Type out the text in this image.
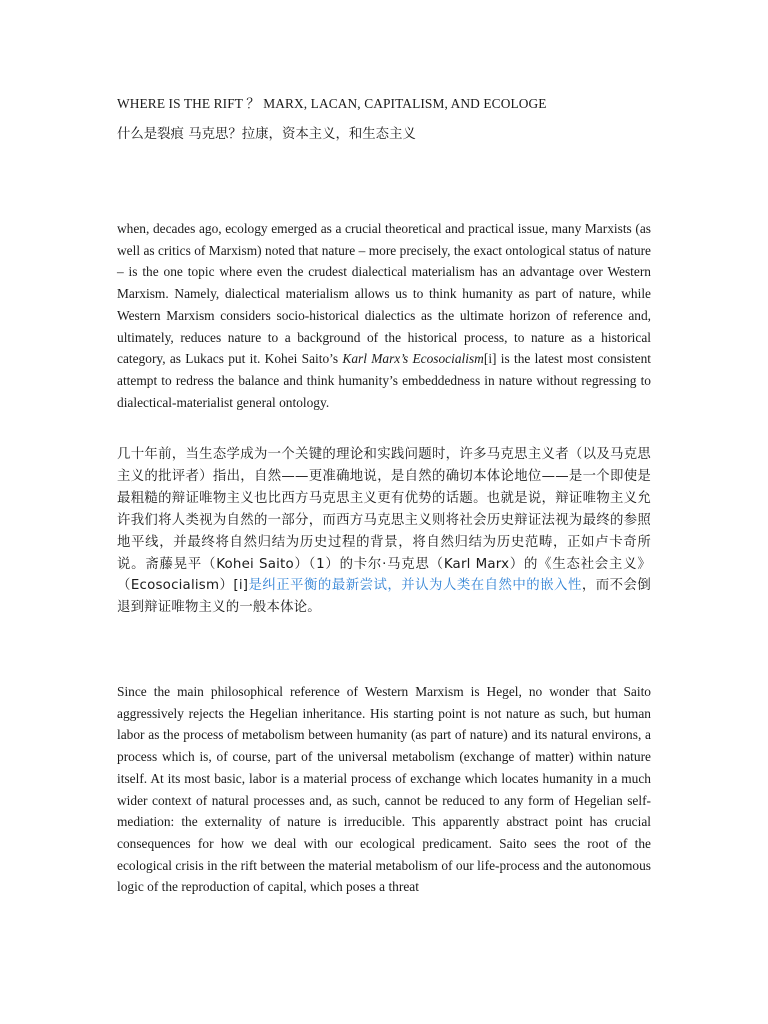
WHERE IS THE RIFT ？ MARX, LACAN, CAPITALISM, AND ECOLOGE
什么是裂痕 马克思？拉康，资本主义，和生态主义

when, decades ago, ecology emerged as a crucial theoretical and practical issue, many Marxists (as well as critics of Marxism) noted that nature – more precisely, the exact ontological status of nature – is the one topic where even the crudest dialectical materialism has an advantage over Western Marxism. Namely, dialectical materialism allows us to think humanity as part of nature, while Western Marxism considers socio-historical dialectics as the ultimate horizon of reference and, ultimately, reduces nature to a background of the historical process, to nature as a historical category, as Lukacs put it. Kohei Saito’s Karl Marx’s Ecosocialism[i] is the latest most consistent attempt to redress the balance and think humanity’s embeddedness in nature without regressing to dialectical-materialist general ontology.

几十年前，当生态学成为一个关键的理论和实践问题时，许多马克思主义者（以及马克思主义的批评者）指出，自然——更准确地说，是自然的确切本体论地位——是一个即使是最粗糙的辩证唯物主义也比西方马克思主义更有优势的话题。也就是说，辩证唯物主义允许我们将人类视为自然的一部分，而西方马克思主义则将社会历史辩证法视为最终的参照地平线，并最终将自然归结为历史过程的背景，将自然归结为历史范畴，正如卢卡奇所说。斋藤晃平（Kohei Saito）（1）的卡尔·马克思（Karl Marx）的《生态社会主义》（Ecosocialism）[i]是纠正平衡的最新尝试，并认为人类在自然中的嵌入性，而不会倒退到辩证唯物主义的一般本体论。

Since the main philosophical reference of Western Marxism is Hegel, no wonder that Saito aggressively rejects the Hegelian inheritance. His starting point is not nature as such, but human labor as the process of metabolism between humanity (as part of nature) and its natural environs, a process which is, of course, part of the universal metabolism (exchange of matter) within nature itself. At its most basic, labor is a material process of exchange which locates humanity in a much wider context of natural processes and, as such, cannot be reduced to any form of Hegelian self-mediation: the externality of nature is irreducible. This apparently abstract point has crucial consequences for how we deal with our ecological predicament. Saito sees the root of the ecological crisis in the rift between the material metabolism of our life-process and the autonomous logic of the reproduction of capital, which poses a threat
